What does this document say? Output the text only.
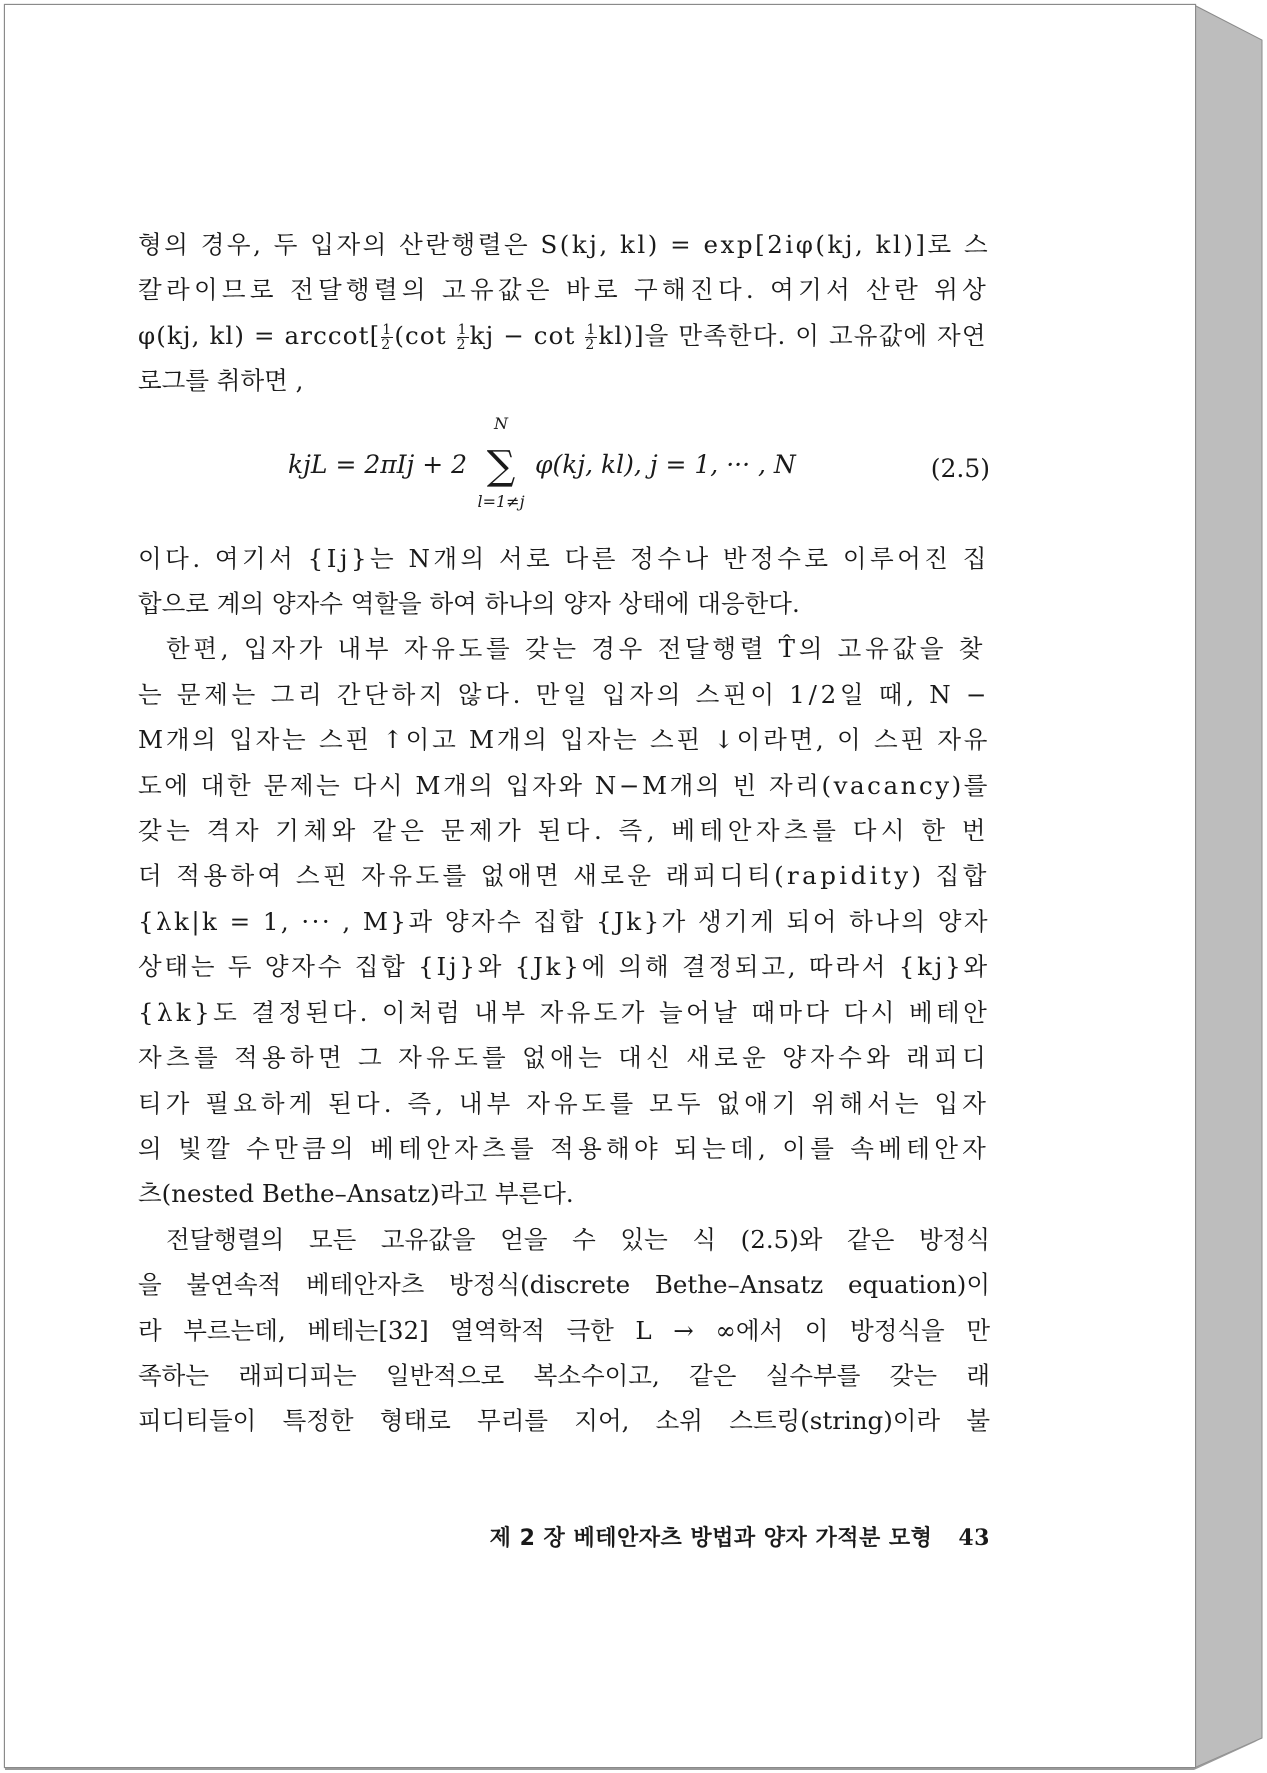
형의 경우, 두 입자의 산란행렬은 S(kj, kl) = exp[2iφ(kj, kl)]로 스
칼라이므로 전달행렬의 고유값은 바로 구해진다. 여기서 산란 위상
φ(kj, $kl) = arccot[ \frac{1}{2} (\cot \frac{1}{2}$ kj − $\cot \frac{1}{2} kl$)]을 만족한다. 이 고유값에 자연
로그를 취하면 ,

kjL = 2πIj + 2
N
∑
l=1≠j
φ(kj, kl), j = 1, ··· , N	(2.5)

이다. 여기서 {Ij}는 N개의 서로 다른 정수나 반정수로 이루어진 집
합으로 계의 양자수 역할을 하여 하나의 양자 상태에 대응한다.

한편, 입자가 내부 자유도를 갖는 경우 전달행렬 T̂의 고유값을 찾
는 문제는 그리 간단하지 않다. 만일 입자의 스핀이 1/2일 때, N −
M개의 입자는 스핀 ↑이고 M개의 입자는 스핀 ↓이라면, 이 스핀 자유
도에 대한 문제는 다시 M개의 입자와 N−M개의 빈 자리(vacancy)를
갖는 격자 기체와 같은 문제가 된다. 즉, 베테안자츠를 다시 한 번
더 적용하여 스핀 자유도를 없애면 새로운 래피디티(rapidity) 집합
{λk|k = 1, ··· , M}과 양자수 집합 {Jk}가 생기게 되어 하나의 양자
상태는 두 양자수 집합 {Ij}와 {Jk}에 의해 결정되고, 따라서 {kj}와
{λk}도 결정된다. 이처럼 내부 자유도가 늘어날 때마다 다시 베테안
자츠를 적용하면 그 자유도를 없애는 대신 새로운 양자수와 래피디
티가 필요하게 된다. 즉, 내부 자유도를 모두 없애기 위해서는 입자
의 빛깔 수만큼의 베테안자츠를 적용해야 되는데, 이를 속베테안자
츠(nested Bethe–Ansatz)라고 부른다.

전달행렬의 모든 고유값을 얻을 수 있는 식 (2.5)와 같은 방정식
을 불연속적 베테안자츠 방정식(discrete Bethe–Ansatz equation)이
라 부르는데, 베테는[32] 열역학적 극한 L → ∞에서 이 방정식을 만
족하는 래피디피는 일반적으로 복소수이고, 같은 실수부를 갖는 래
피디티들이 특정한 형태로 무리를 지어, 소위 스트링(string)이라 불

제 2 장 베테안자츠 방법과 양자 가적분 모형 43
